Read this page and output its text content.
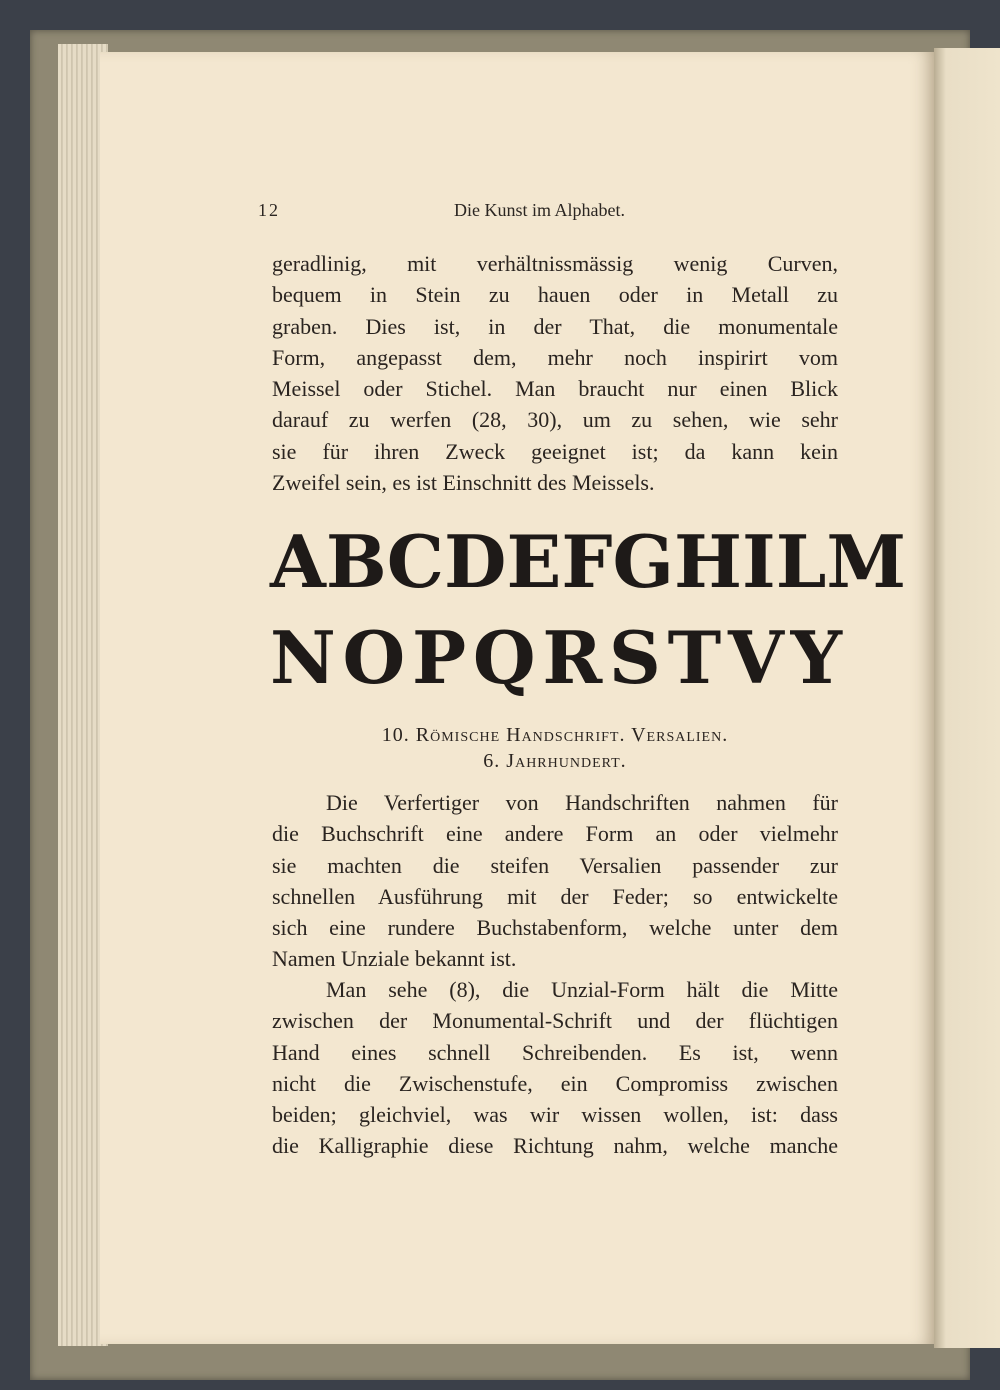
12	Die Kunst im Alphabet.
geradlinig, mit verhältnissmässig wenig Curven,
bequem in Stein zu hauen oder in Metall zu
graben. Dies ist, in der That, die monumentale
Form, angepasst dem, mehr noch inspirirt vom
Meissel oder Stichel. Man braucht nur einen Blick
darauf zu werfen (28, 30), um zu sehen, wie sehr
sie für ihren Zweck geeignet ist; da kann kein
Zweifel sein, es ist Einschnitt des Meissels.
A B C D E F G H I L M
N O P Q R S T V Y
10. Römische Handschrift. Versalien.
6. Jahrhundert.
Die Verfertiger von Handschriften nahmen für
die Buchschrift eine andere Form an oder vielmehr
sie machten die steifen Versalien passender zur
schnellen Ausführung mit der Feder; so entwickelte
sich eine rundere Buchstabenform, welche unter dem
Namen Unziale bekannt ist.
Man sehe (8), die Unzial-Form hält die Mitte
zwischen der Monumental-Schrift und der flüchtigen
Hand eines schnell Schreibenden. Es ist, wenn
nicht die Zwischenstufe, ein Compromiss zwischen
beiden; gleichviel, was wir wissen wollen, ist: dass
die Kalligraphie diese Richtung nahm, welche manche
